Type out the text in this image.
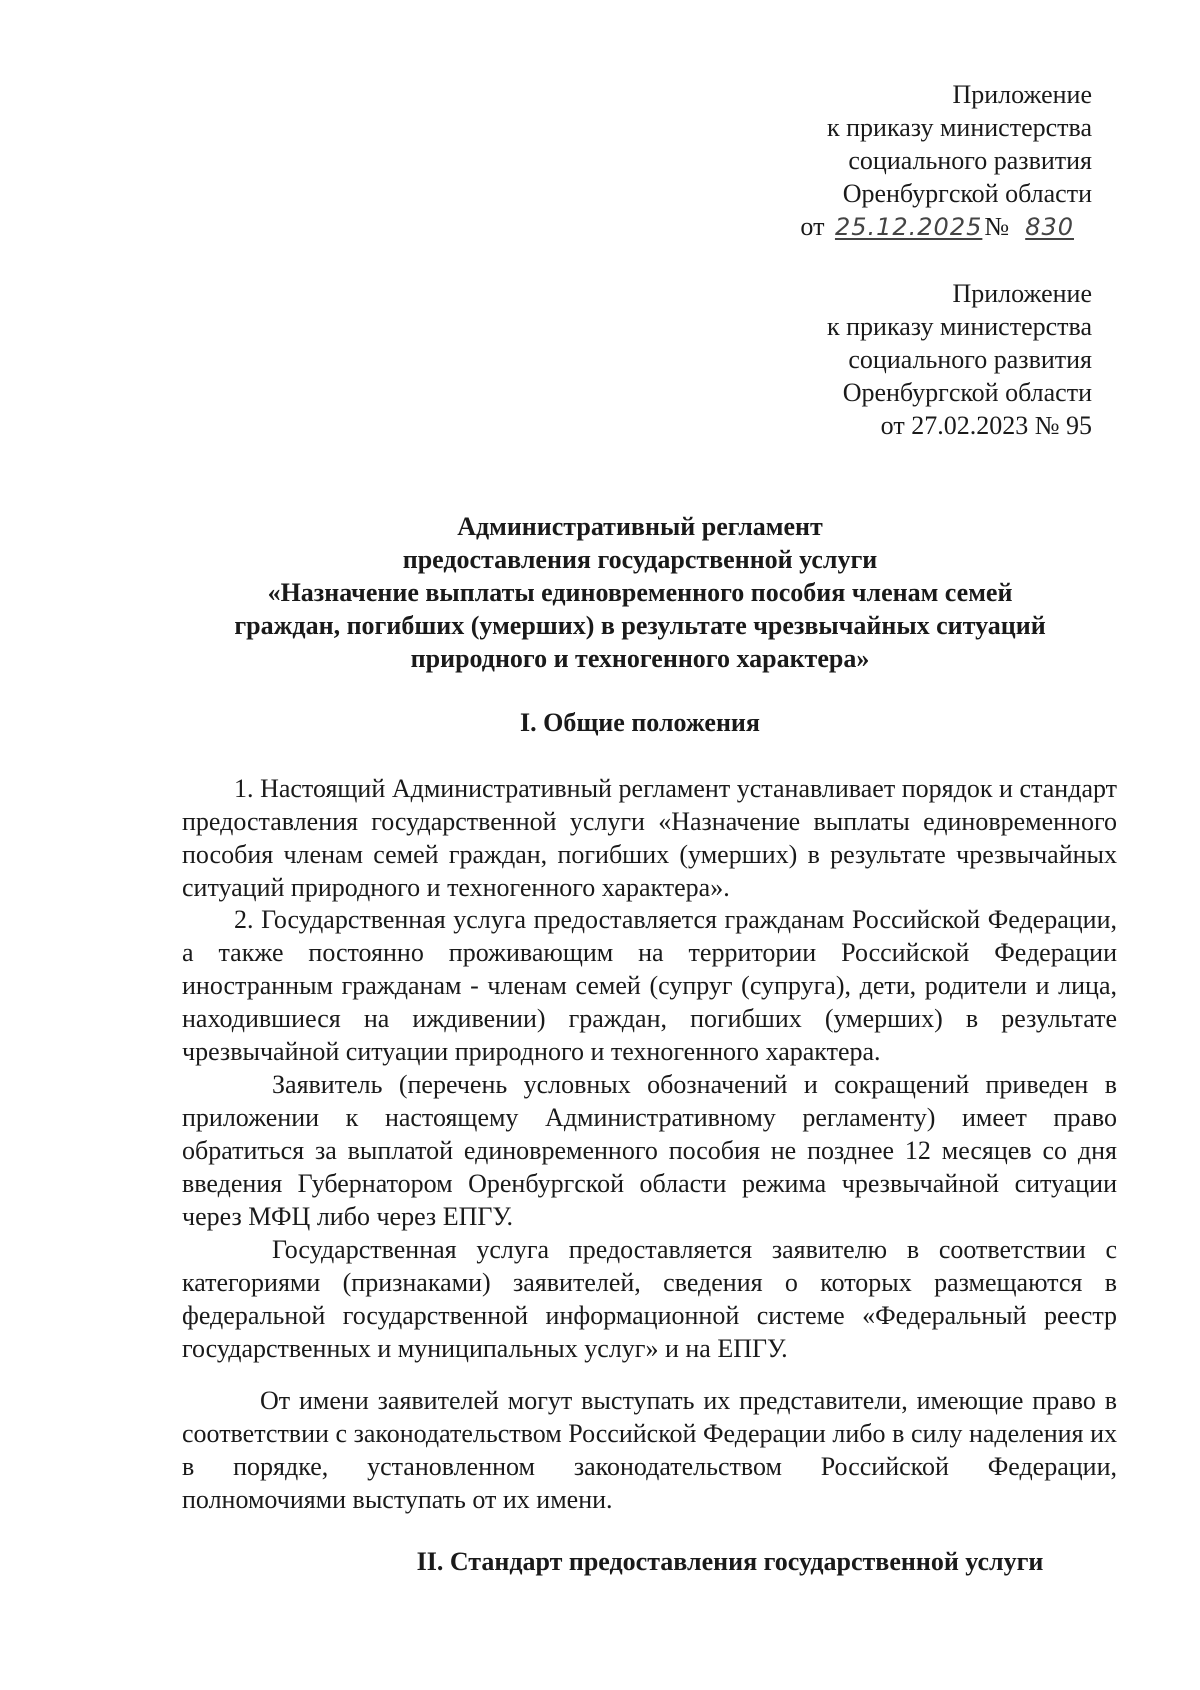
Приложение
к приказу министерства
социального развития
Оренбургской области
от 25.12.2025№ 830
Приложение
к приказу министерства
социального развития
Оренбургской области
от 27.02.2023 № 95
Административный регламент
предоставления государственной услуги
«Назначение выплаты единовременного пособия членам семей
граждан, погибших (умерших) в результате чрезвычайных ситуаций
природного и техногенного характера»
I. Общие положения
1. Настоящий Административный регламент устанавливает порядок и стандарт предоставления государственной услуги «Назначение выплаты единовременного пособия членам семей граждан, погибших (умерших) в результате чрезвычайных ситуаций природного и техногенного характера».
2. Государственная услуга предоставляется гражданам Российской Федерации, а также постоянно проживающим на территории Российской Федерации иностранным гражданам - членам семей (супруг (супруга), дети, родители и лица, находившиеся на иждивении) граждан, погибших (умерших) в результате чрезвычайной ситуации природного и техногенного характера.
Заявитель (перечень условных обозначений и сокращений приведен в приложении к настоящему Административному регламенту) имеет право обратиться за выплатой единовременного пособия не позднее 12 месяцев со дня введения Губернатором Оренбургской области режима чрезвычайной ситуации через МФЦ либо через ЕПГУ.
Государственная услуга предоставляется заявителю в соответствии с категориями (признаками) заявителей, сведения о которых размещаются в федеральной государственной информационной системе «Федеральный реестр государственных и муниципальных услуг» и на ЕПГУ.
От имени заявителей могут выступать их представители, имеющие право в соответствии с законодательством Российской Федерации либо в силу наделения их в порядке, установленном законодательством Российской Федерации, полномочиями выступать от их имени.
II. Стандарт предоставления государственной услуги
